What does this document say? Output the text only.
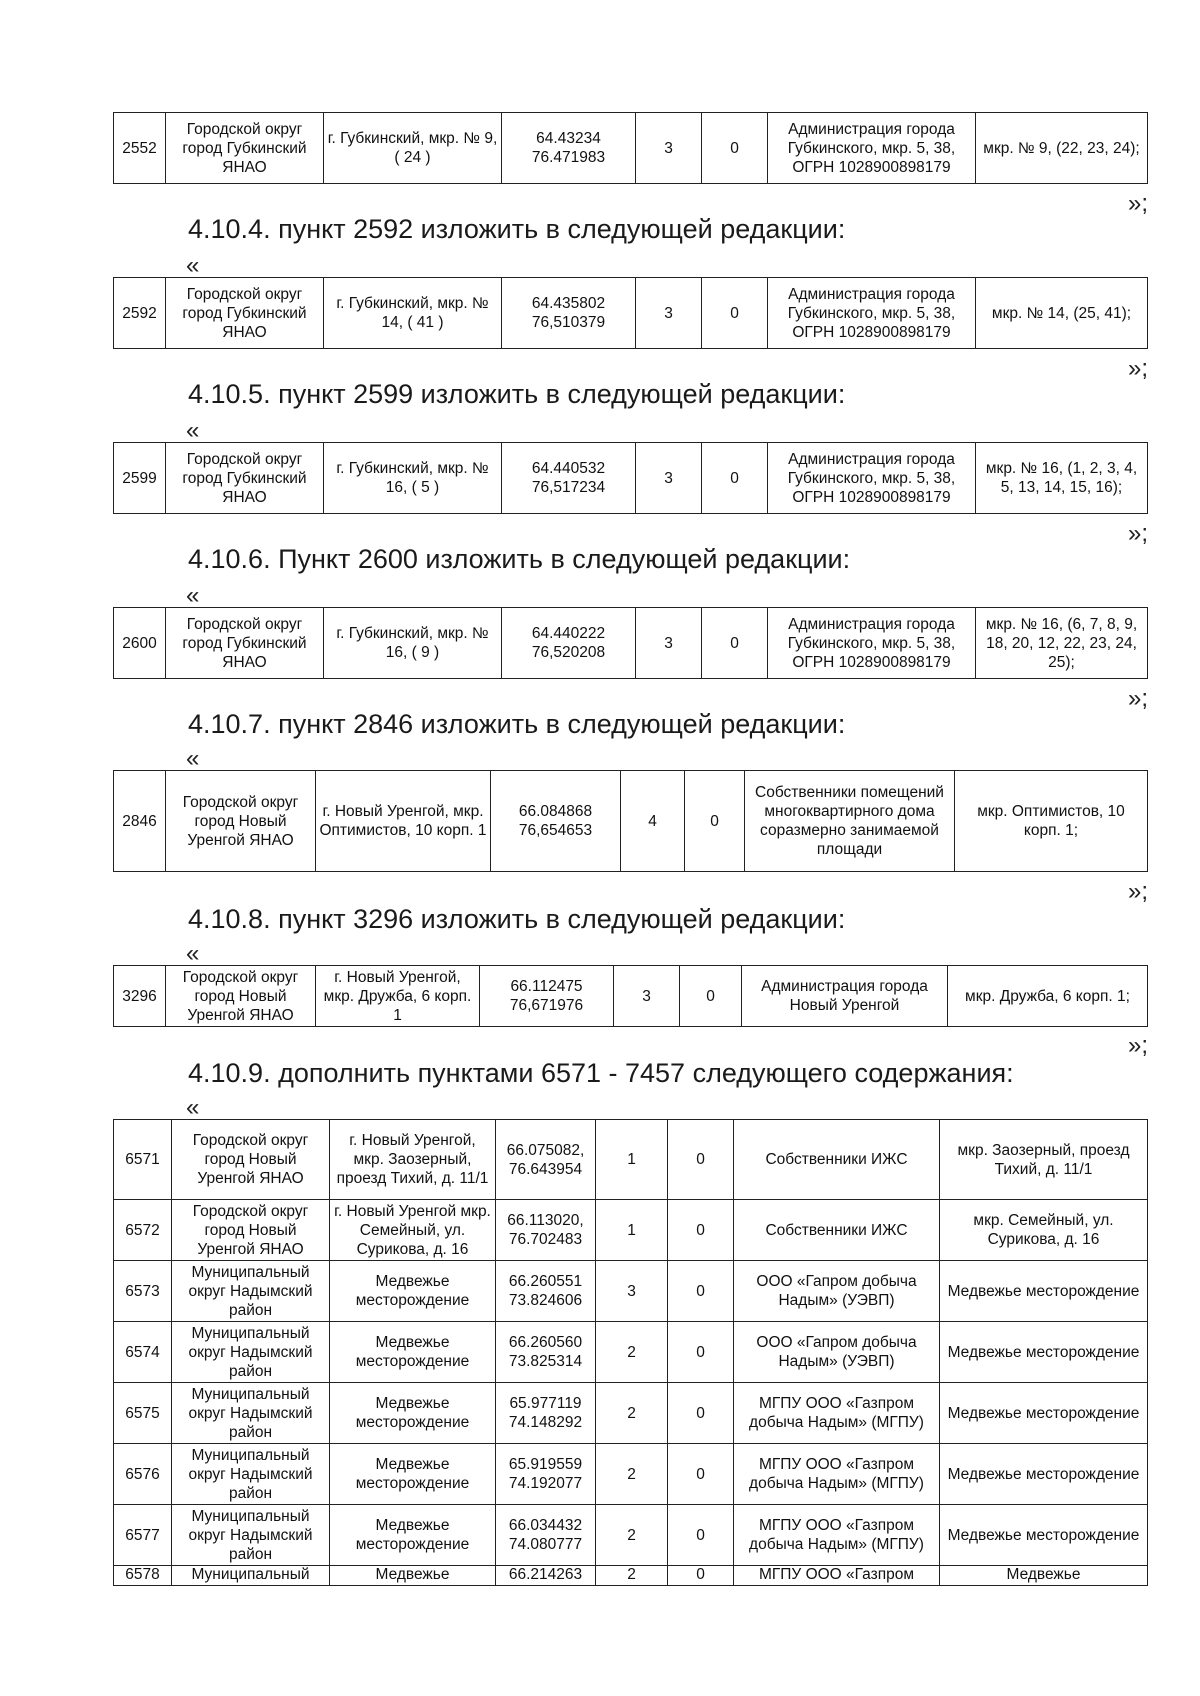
2552	Городской округ город Губкинский ЯНАО	г. Губкинский, мкр. № 9, ( 24 )	64.43234 76.471983	3	0	Администрация города Губкинского, мкр. 5, 38, ОГРН 1028900898179	мкр. № 9, (22, 23, 24);
»;
4.10.4. пункт 2592 изложить в следующей редакции:
«
2592	Городской округ город Губкинский ЯНАО	г. Губкинский, мкр. № 14, ( 41 )	64.435802 76,510379	3	0	Администрация города Губкинского, мкр. 5, 38, ОГРН 1028900898179	мкр. № 14, (25, 41);
»;
4.10.5. пункт 2599 изложить в следующей редакции:
«
2599	Городской округ город Губкинский ЯНАО	г. Губкинский, мкр. № 16, ( 5 )	64.440532 76,517234	3	0	Администрация города Губкинского, мкр. 5, 38, ОГРН 1028900898179	мкр. № 16, (1, 2, 3, 4, 5, 13, 14, 15, 16);
»;
4.10.6. Пункт 2600 изложить в следующей редакции:
«
2600	Городской округ город Губкинский ЯНАО	г. Губкинский, мкр. № 16, ( 9 )	64.440222 76,520208	3	0	Администрация города Губкинского, мкр. 5, 38, ОГРН 1028900898179	мкр. № 16, (6, 7, 8, 9, 18, 20, 12, 22, 23, 24, 25);
»;
4.10.7. пункт 2846 изложить в следующей редакции:
«
2846	Городской округ город Новый Уренгой ЯНАО	г. Новый Уренгой, мкр. Оптимистов, 10 корп. 1	66.084868 76,654653	4	0	Собственники помещений многоквартирного дома соразмерно занимаемой площади	мкр. Оптимистов, 10 корп. 1;
»;
4.10.8. пункт 3296 изложить в следующей редакции:
«
3296	Городской округ город Новый Уренгой ЯНАО	г. Новый Уренгой, мкр. Дружба, 6 корп. 1	66.112475 76,671976	3	0	Администрация города Новый Уренгой	мкр. Дружба, 6 корп. 1;
»;
4.10.9. дополнить пунктами 6571 - 7457 следующего содержания:
«
6571	Городской округ город Новый Уренгой ЯНАО	г. Новый Уренгой, мкр. Заозерный, проезд Тихий, д. 11/1	66.075082, 76.643954	1	0	Собственники ИЖС	мкр. Заозерный, проезд Тихий, д. 11/1
6572	Городской округ город Новый Уренгой ЯНАО	г. Новый Уренгой мкр. Семейный, ул. Сурикова, д. 16	66.113020, 76.702483	1	0	Собственники ИЖС	мкр. Семейный, ул. Сурикова, д. 16
6573	Муниципальный округ Надымский район	Медвежье месторождение	66.260551 73.824606	3	0	ООО «Гапром добыча Надым» (УЭВП)	Медвежье месторождение
6574	Муниципальный округ Надымский район	Медвежье месторождение	66.260560 73.825314	2	0	ООО «Гапром добыча Надым» (УЭВП)	Медвежье месторождение
6575	Муниципальный округ Надымский район	Медвежье месторождение	65.977119 74.148292	2	0	МГПУ ООО «Газпром добыча Надым» (МГПУ)	Медвежье месторождение
6576	Муниципальный округ Надымский район	Медвежье месторождение	65.919559 74.192077	2	0	МГПУ ООО «Газпром добыча Надым» (МГПУ)	Медвежье месторождение
6577	Муниципальный округ Надымский район	Медвежье месторождение	66.034432 74.080777	2	0	МГПУ ООО «Газпром добыча Надым» (МГПУ)	Медвежье месторождение
6578	Муниципальный	Медвежье	66.214263	2	0	МГПУ ООО «Газпром	Медвежье
